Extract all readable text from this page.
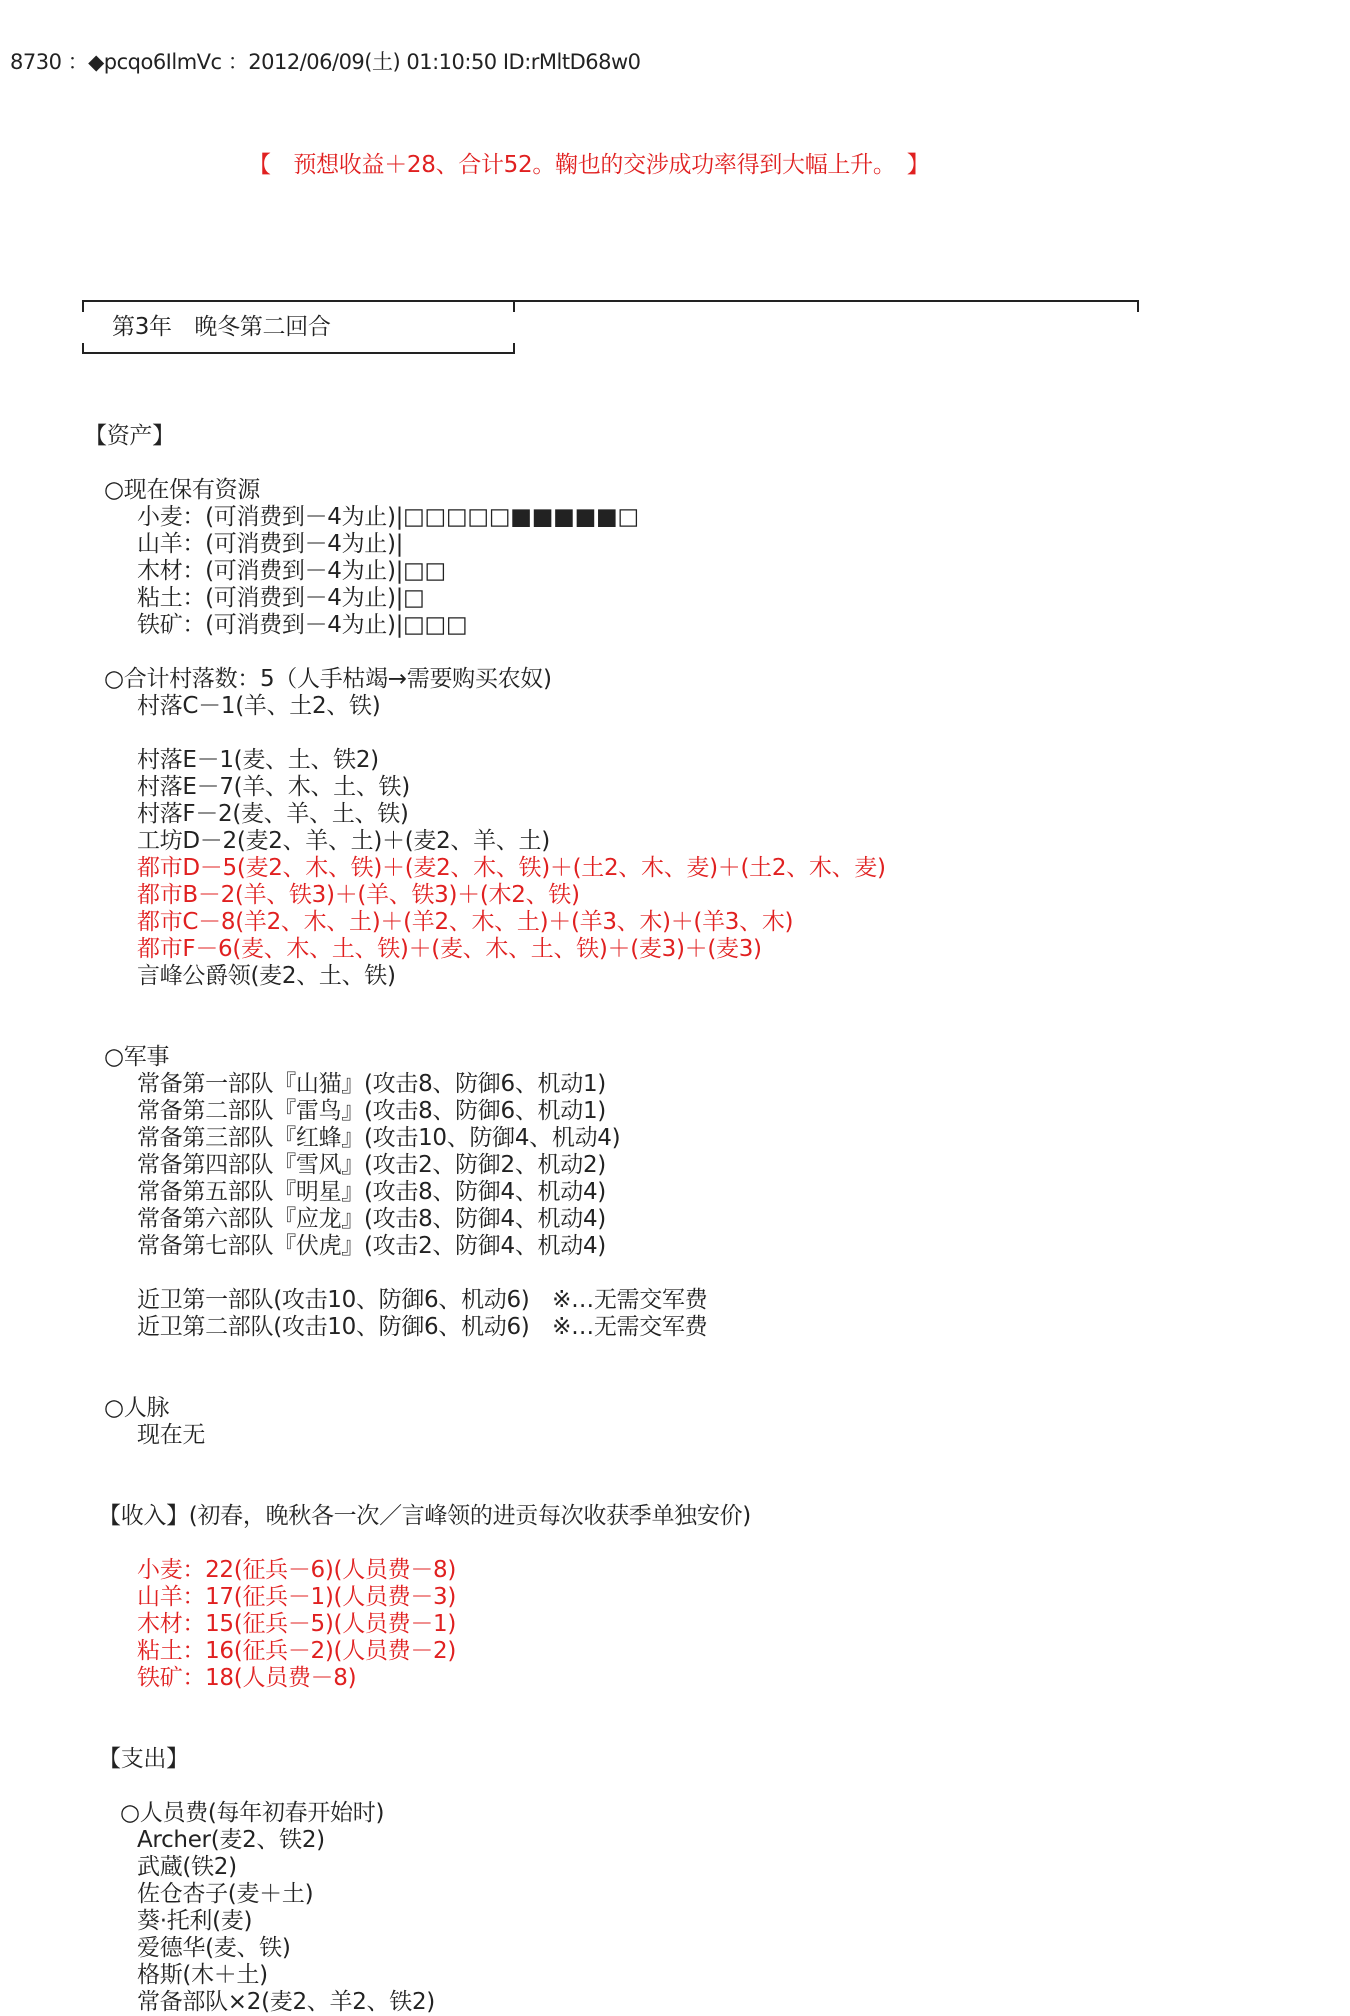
8730 ：◆pcqo6IlmVc ：2012/06/09(土) 01:10:50 ID:rMltD68w0
【　预想收益＋28、合计52。鞠也的交涉成功率得到大幅上升。　】
第3年　晚冬第二回合
【资产】
○现在保有资源
小麦：(可消费到－4为止)|□□□□□■■■■■□
山羊：(可消费到－4为止)|
木材：(可消费到－4为止)|□□
粘土：(可消费到－4为止)|□
铁矿：(可消费到－4为止)|□□□
○合计村落数：5（人手枯竭→需要购买农奴)
村落C－1(羊、土2、铁)
村落E－1(麦、土、铁2)
村落E－7(羊、木、土、铁)
村落F－2(麦、羊、土、铁)
工坊D－2(麦2、羊、土)＋(麦2、羊、土)
都市D－5(麦2、木、铁)＋(麦2、木、铁)＋(土2、木、麦)＋(土2、木、麦)
都市B－2(羊、铁3)＋(羊、铁3)＋(木2、铁)
都市C－8(羊2、木、土)＋(羊2、木、土)＋(羊3、木)＋(羊3、木)
都市F－6(麦、木、土、铁)＋(麦、木、土、铁)＋(麦3)＋(麦3)
言峰公爵领(麦2、土、铁)
○军事
常备第一部队『山猫』(攻击8、防御6、机动1)
常备第二部队『雷鸟』(攻击8、防御6、机动1)
常备第三部队『红蜂』(攻击10、防御4、机动4)
常备第四部队『雪风』(攻击2、防御2、机动2)
常备第五部队『明星』(攻击8、防御4、机动4)
常备第六部队『应龙』(攻击8、防御4、机动4)
常备第七部队『伏虎』(攻击2、防御4、机动4)
近卫第一部队(攻击10、防御6、机动6)　※…无需交军费
近卫第二部队(攻击10、防御6、机动6)　※…无需交军费
○人脉
现在无
【收入】(初春，晚秋各一次／言峰领的进贡每次收获季单独安价)
小麦：22(征兵－6)(人员费－8)
山羊：17(征兵－1)(人员费－3)
木材：15(征兵－5)(人员费－1)
粘土：16(征兵－2)(人员费－2)
铁矿：18(人员费－8)
【支出】
○人员费(每年初春开始时)
Archer(麦2、铁2)
武蔵(铁2)
佐仓杏子(麦＋土)
葵·托利(麦)
爱德华(麦、铁)
格斯(木＋土)
常备部队×2(麦2、羊2、铁2)
